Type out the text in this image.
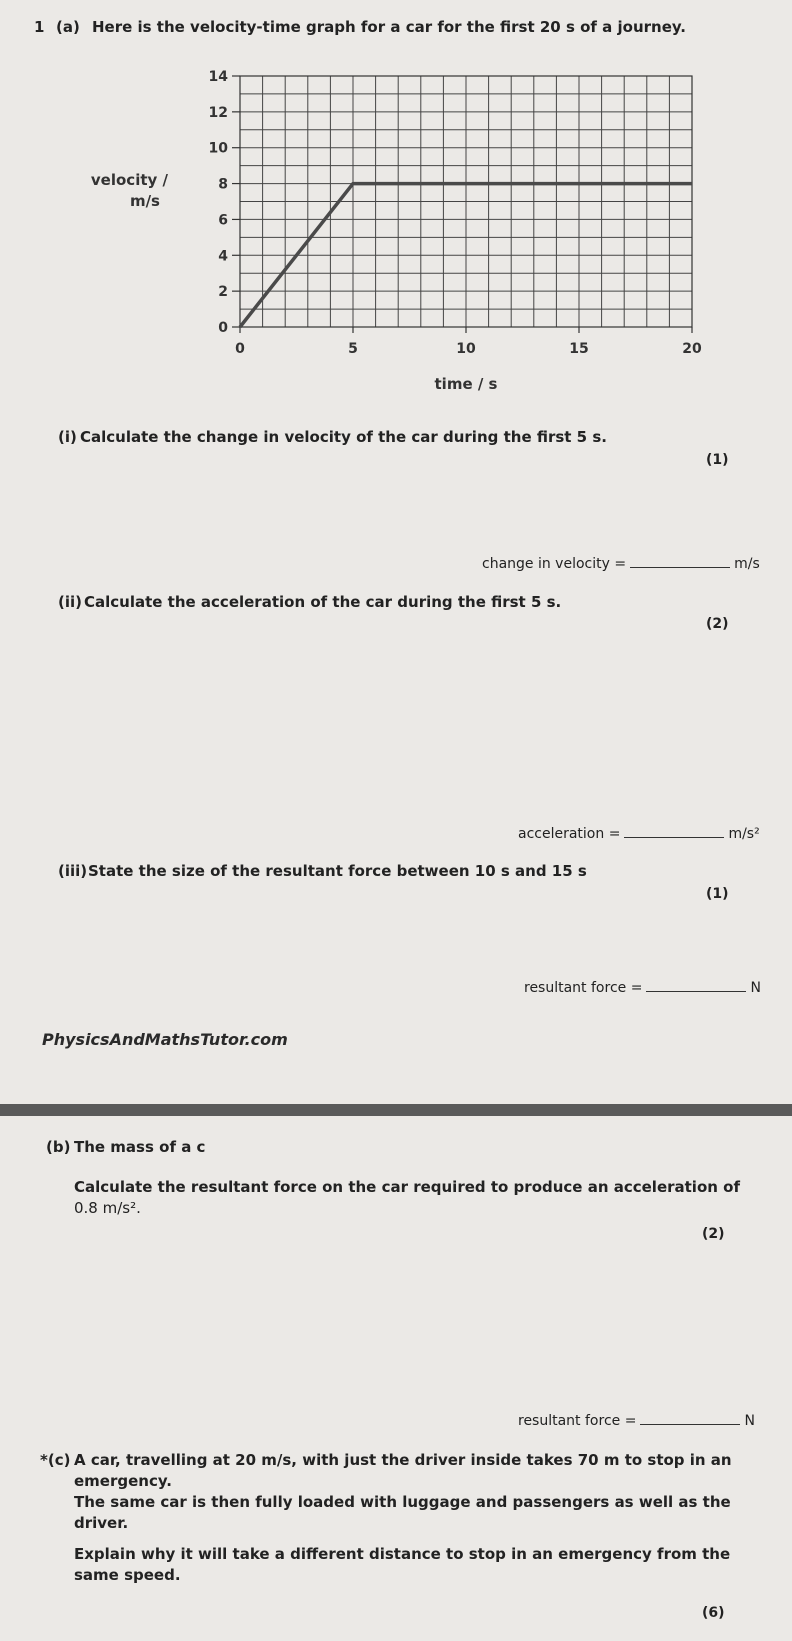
1 (a) Here is the velocity-time graph for a car for the first 20 s of a journey.
0
2
4
6
8
10
12
14
0	5	10	15	20
velocity /
m/s
time / s
(i) Calculate the change in velocity of the car during the first 5 s.
(1)
change in velocity =	m/s
(ii) Calculate the acceleration of the car during the first 5 s.
(2)
acceleration =	m/s²
(iii) State the size of the resultant force between 10 s and 15 s
(1)
resultant force =	N
PhysicsAndMathsTutor.com
(b) The mass of a c
Calculate the resultant force on the car required to produce an acceleration of
0.8 m/s².
(2)
resultant force =	N
*(c) A car, travelling at 20 m/s, with just the driver inside takes 70 m to stop in an
emergency.
The same car is then fully loaded with luggage and passengers as well as the
driver.
Explain why it will take a different distance to stop in an emergency from the
same speed.
(6)
